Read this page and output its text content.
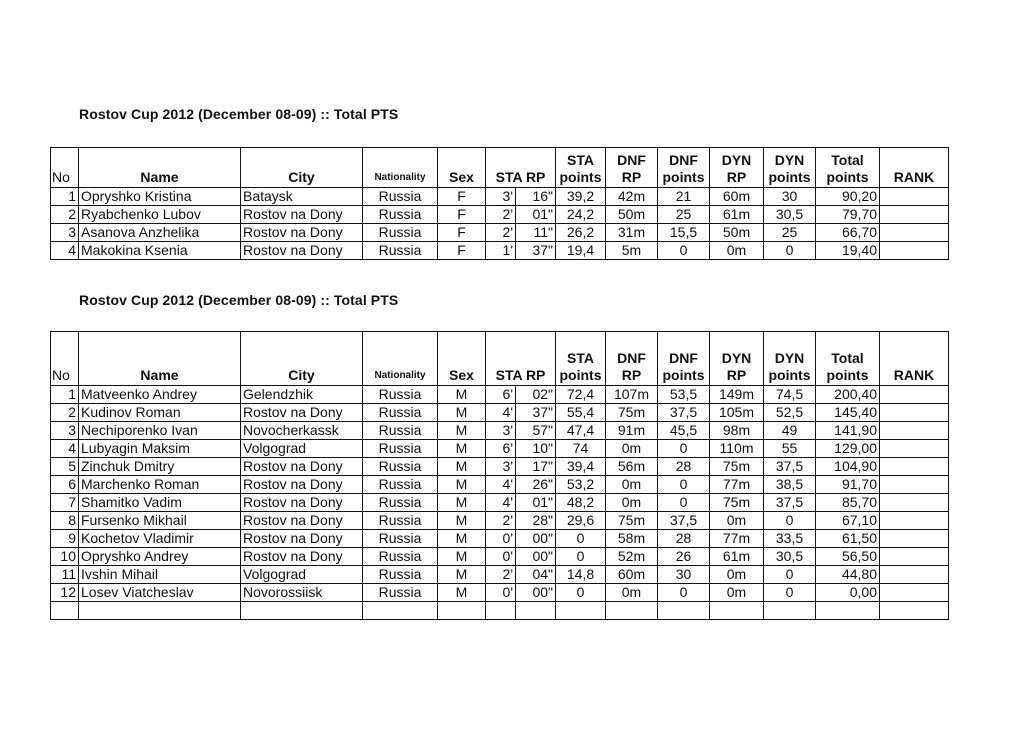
Rostov Cup 2012 (December 08-09) :: Total PTS
No	Name	City	Nationality	Sex	STA RP		STA points	DNF RP	DNF points	DYN RP	DYN points	Total points	RANK
1	Opryshko Kristina	Bataysk	Russia	F	3'	16"	39,2	42m	21	60m	30	90,20	
2	Ryabchenko Lubov	Rostov na Dony	Russia	F	2'	01"	24,2	50m	25	61m	30,5	79,70	
3	Asanova Anzhelika	Rostov na Dony	Russia	F	2'	11"	26,2	31m	15,5	50m	25	66,70	
4	Makokina Ksenia	Rostov na Dony	Russia	F	1'	37"	19,4	5m	0	0m	0	19,40	
Rostov Cup 2012 (December 08-09) :: Total PTS
No	Name	City	Nationality	Sex	STA RP		STA points	DNF RP	DNF points	DYN RP	DYN points	Total points	RANK
1	Matveenko Andrey	Gelendzhik	Russia	M	6'	02"	72,4	107m	53,5	149m	74,5	200,40	
2	Kudinov Roman	Rostov na Dony	Russia	M	4'	37"	55,4	75m	37,5	105m	52,5	145,40	
3	Nechiporenko Ivan	Novocherkassk	Russia	M	3'	57"	47,4	91m	45,5	98m	49	141,90	
4	Lubyagin Maksim	Volgograd	Russia	M	6'	10"	74	0m	0	110m	55	129,00	
5	Zinchuk Dmitry	Rostov na Dony	Russia	M	3'	17"	39,4	56m	28	75m	37,5	104,90	
6	Marchenko Roman	Rostov na Dony	Russia	M	4'	26"	53,2	0m	0	77m	38,5	91,70	
7	Shamitko Vadim	Rostov na Dony	Russia	M	4'	01"	48,2	0m	0	75m	37,5	85,70	
8	Fursenko Mikhail	Rostov na Dony	Russia	M	2'	28"	29,6	75m	37,5	0m	0	67,10	
9	Kochetov Vladimir	Rostov na Dony	Russia	M	0'	00"	0	58m	28	77m	33,5	61,50	
10	Opryshko Andrey	Rostov na Dony	Russia	M	0'	00"	0	52m	26	61m	30,5	56,50	
11	Ivshin Mihail	Volgograd	Russia	M	2'	04"	14,8	60m	30	0m	0	44,80	
12	Losev Viatcheslav	Novorossiisk	Russia	M	0'	00"	0	0m	0	0m	0	0,00	
